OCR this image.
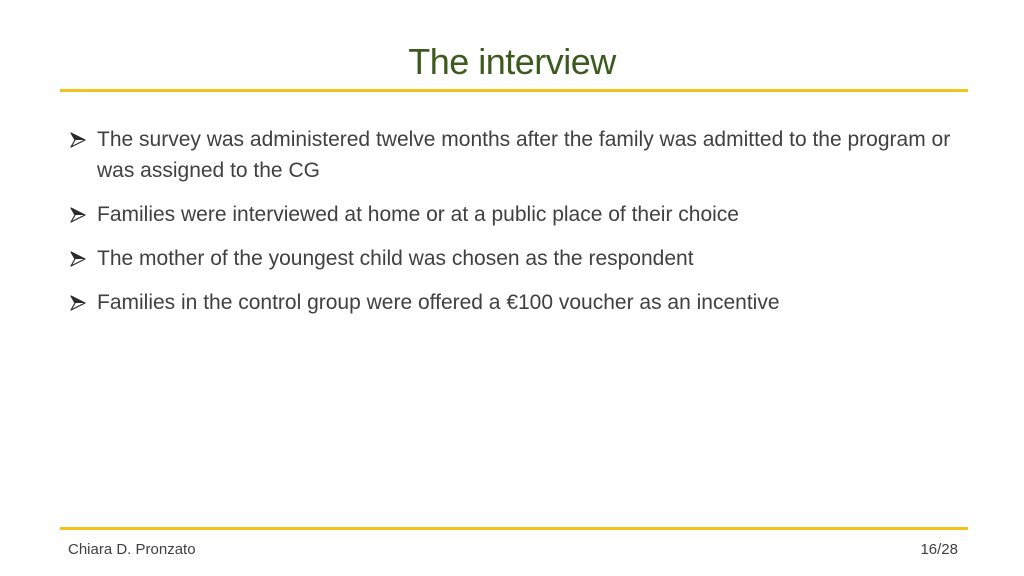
The interview
The survey was administered twelve months after the family was admitted to the program or was assigned to the CG
Families were interviewed at home or at a public place of their choice
The mother of the youngest child was chosen as the respondent
Families in the control group were offered a €100 voucher as an incentive
Chiara D. Pronzato	16/28
